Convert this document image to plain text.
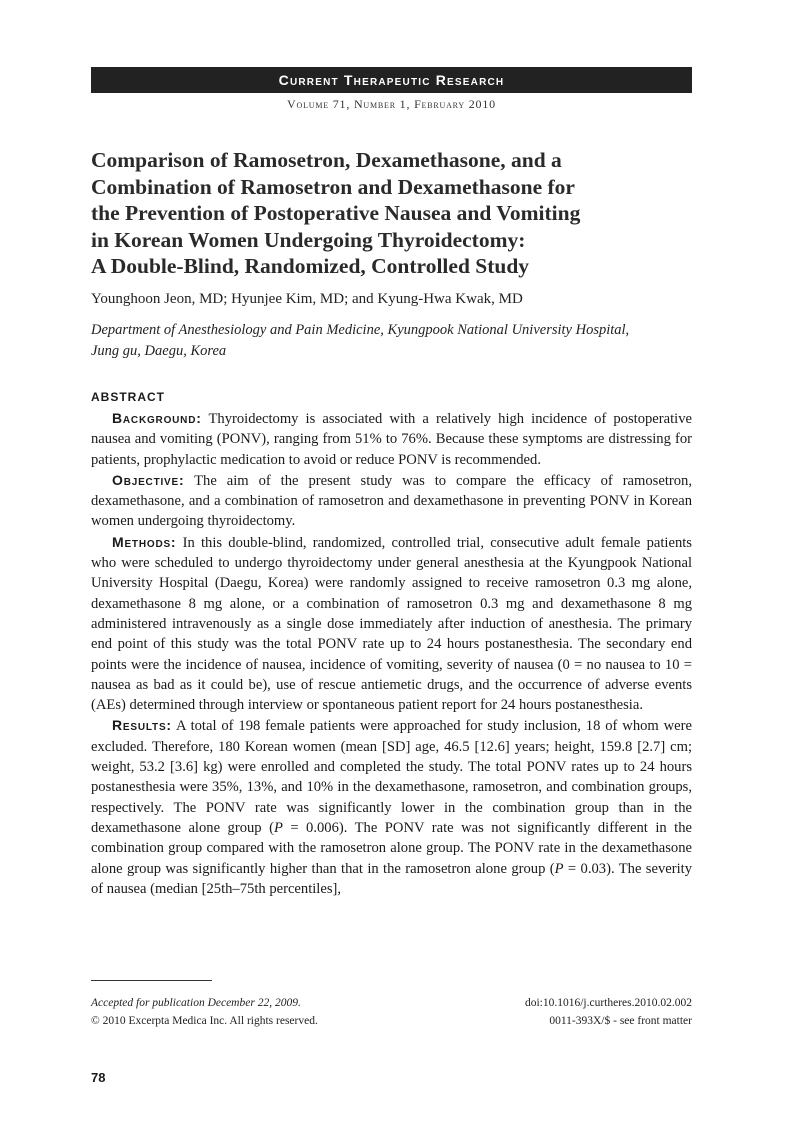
Current Therapeutic Research
Volume 71, Number 1, February 2010
Comparison of Ramosetron, Dexamethasone, and a
Combination of Ramosetron and Dexamethasone for
the Prevention of Postoperative Nausea and Vomiting
in Korean Women Undergoing Thyroidectomy:
A Double-Blind, Randomized, Controlled Study
Younghoon Jeon, MD; Hyunjee Kim, MD; and Kyung-Hwa Kwak, MD
Department of Anesthesiology and Pain Medicine, Kyungpook National University Hospital,
Jung gu, Daegu, Korea
abstract

Background: Thyroidectomy is associated with a relatively high incidence of postoperative nausea and vomiting (PONV), ranging from 51% to 76%. Because these symptoms are distressing for patients, prophylactic medication to avoid or reduce PONV is recommended.

Objective: The aim of the present study was to compare the efficacy of ramosetron, dexamethasone, and a combination of ramosetron and dexamethasone in preventing PONV in Korean women undergoing thyroidectomy.

Methods: In this double-blind, randomized, controlled trial, consecutive adult female patients who were scheduled to undergo thyroidectomy under general anesthesia at the Kyungpook National University Hospital (Daegu, Korea) were randomly assigned to receive ramosetron 0.3 mg alone, dexamethasone 8 mg alone, or a combination of ramosetron 0.3 mg and dexamethasone 8 mg administered intravenously as a single dose immediately after induction of anesthesia. The primary end point of this study was the total PONV rate up to 24 hours postanesthesia. The secondary end points were the incidence of nausea, incidence of vomiting, severity of nausea (0 = no nausea to 10 = nausea as bad as it could be), use of rescue antiemetic drugs, and the occurrence of adverse events (AEs) determined through interview or spontaneous patient report for 24 hours postanesthesia.

Results: A total of 198 female patients were approached for study inclusion, 18 of whom were excluded. Therefore, 180 Korean women (mean [SD] age, 46.5 [12.6] years; height, 159.8 [2.7] cm; weight, 53.2 [3.6] kg) were enrolled and completed the study. The total PONV rates up to 24 hours postanesthesia were 35%, 13%, and 10% in the dexamethasone, ramosetron, and combination groups, respectively. The PONV rate was significantly lower in the combination group than in the dexamethasone alone group (P = 0.006). The PONV rate was not significantly different in the combination group compared with the ramosetron alone group. The PONV rate in the dexamethasone alone group was significantly higher than that in the ramosetron alone group (P = 0.03). The severity of nausea (median [25th–75th percentiles],

Accepted for publication December 22, 2009.
© 2010 Excerpta Medica Inc. All rights reserved.
doi:10.1016/j.curtheres.2010.02.002
0011-393X/$ - see front matter
78
